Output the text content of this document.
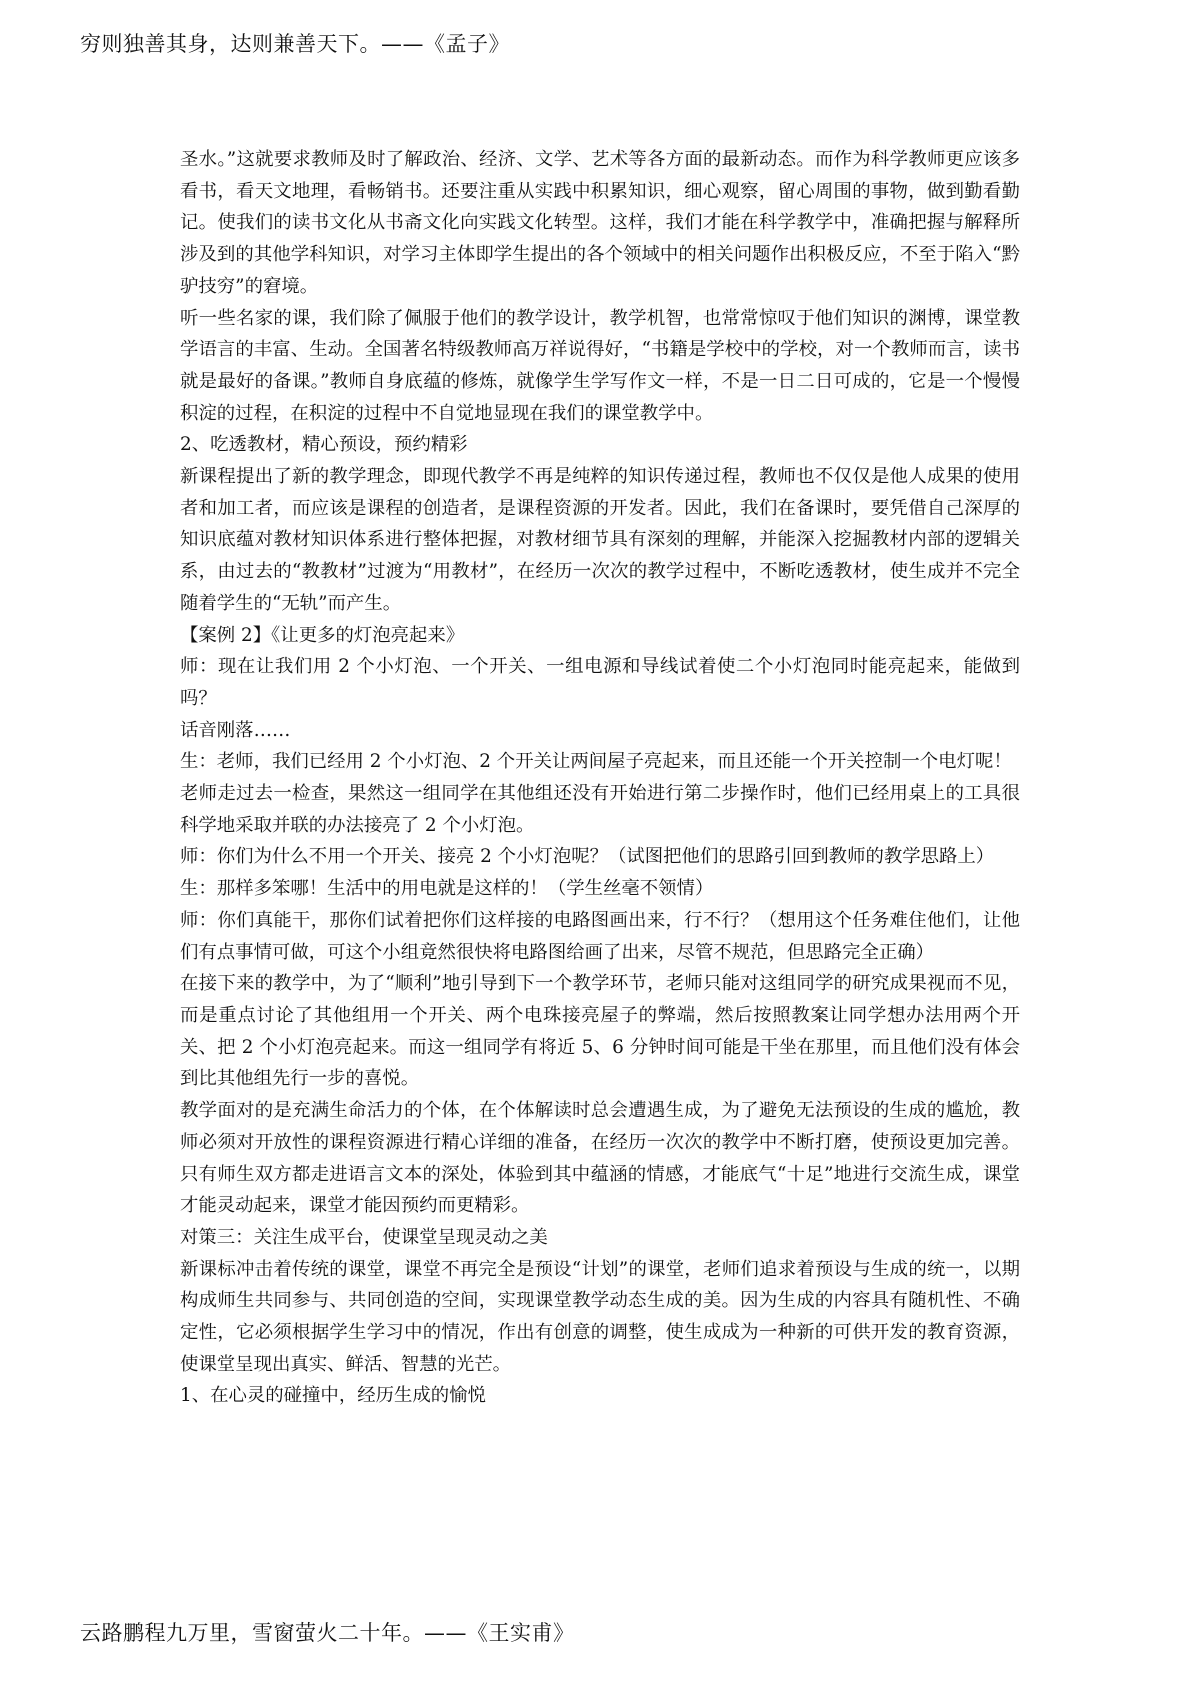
穷则独善其身，达则兼善天下。——《孟子》

圣水。”这就要求教师及时了解政治、经济、文学、艺术等各方面的最新动态。而作为科学教师更应该多看书，看天文地理，看畅销书。还要注重从实践中积累知识，细心观察，留心周围的事物，做到勤看勤记。使我们的读书文化从书斋文化向实践文化转型。这样，我们才能在科学教学中，准确把握与解释所涉及到的其他学科知识，对学习主体即学生提出的各个领域中的相关问题作出积极反应，不至于陷入“黔驴技穷”的窘境。

听一些名家的课，我们除了佩服于他们的教学设计，教学机智，也常常惊叹于他们知识的渊博，课堂教学语言的丰富、生动。全国著名特级教师高万祥说得好，“书籍是学校中的学校，对一个教师而言，读书就是最好的备课。”教师自身底蕴的修炼，就像学生学写作文一样，不是一日二日可成的，它是一个慢慢积淀的过程，在积淀的过程中不自觉地显现在我们的课堂教学中。

2、吃透教材，精心预设，预约精彩

新课程提出了新的教学理念，即现代教学不再是纯粹的知识传递过程，教师也不仅仅是他人成果的使用者和加工者，而应该是课程的创造者，是课程资源的开发者。因此，我们在备课时，要凭借自己深厚的知识底蕴对教材知识体系进行整体把握，对教材细节具有深刻的理解，并能深入挖掘教材内部的逻辑关系，由过去的“教教材”过渡为“用教材”，在经历一次次的教学过程中，不断吃透教材，使生成并不完全随着学生的“无轨”而产生。

【案例 2】《让更多的灯泡亮起来》

师：现在让我们用 2 个小灯泡、一个开关、一组电源和导线试着使二个小灯泡同时能亮起来，能做到吗？

话音刚落……

生：老师，我们已经用 2 个小灯泡、2 个开关让两间屋子亮起来，而且还能一个开关控制一个电灯呢！

老师走过去一检查，果然这一组同学在其他组还没有开始进行第二步操作时，他们已经用桌上的工具很科学地采取并联的办法接亮了 2 个小灯泡。

师：你们为什么不用一个开关、接亮 2 个小灯泡呢？（试图把他们的思路引回到教师的教学思路上）

生：那样多笨哪！生活中的用电就是这样的！（学生丝毫不领情）

师：你们真能干，那你们试着把你们这样接的电路图画出来，行不行？（想用这个任务难住他们，让他们有点事情可做，可这个小组竟然很快将电路图给画了出来，尽管不规范，但思路完全正确）

在接下来的教学中，为了“顺利”地引导到下一个教学环节，老师只能对这组同学的研究成果视而不见，而是重点讨论了其他组用一个开关、两个电珠接亮屋子的弊端，然后按照教案让同学想办法用两个开关、把 2 个小灯泡亮起来。而这一组同学有将近 5、6 分钟时间可能是干坐在那里，而且他们没有体会到比其他组先行一步的喜悦。

教学面对的是充满生命活力的个体，在个体解读时总会遭遇生成，为了避免无法预设的生成的尴尬，教师必须对开放性的课程资源进行精心详细的准备，在经历一次次的教学中不断打磨，使预设更加完善。只有师生双方都走进语言文本的深处，体验到其中蕴涵的情感，才能底气“十足”地进行交流生成，课堂才能灵动起来，课堂才能因预约而更精彩。

对策三：关注生成平台，使课堂呈现灵动之美

新课标冲击着传统的课堂，课堂不再完全是预设“计划”的课堂，老师们追求着预设与生成的统一，以期构成师生共同参与、共同创造的空间，实现课堂教学动态生成的美。因为生成的内容具有随机性、不确定性，它必须根据学生学习中的情况，作出有创意的调整，使生成成为一种新的可供开发的教育资源，使课堂呈现出真实、鲜活、智慧的光芒。

1、在心灵的碰撞中，经历生成的愉悦

云路鹏程九万里，雪窗萤火二十年。——《王实甫》
